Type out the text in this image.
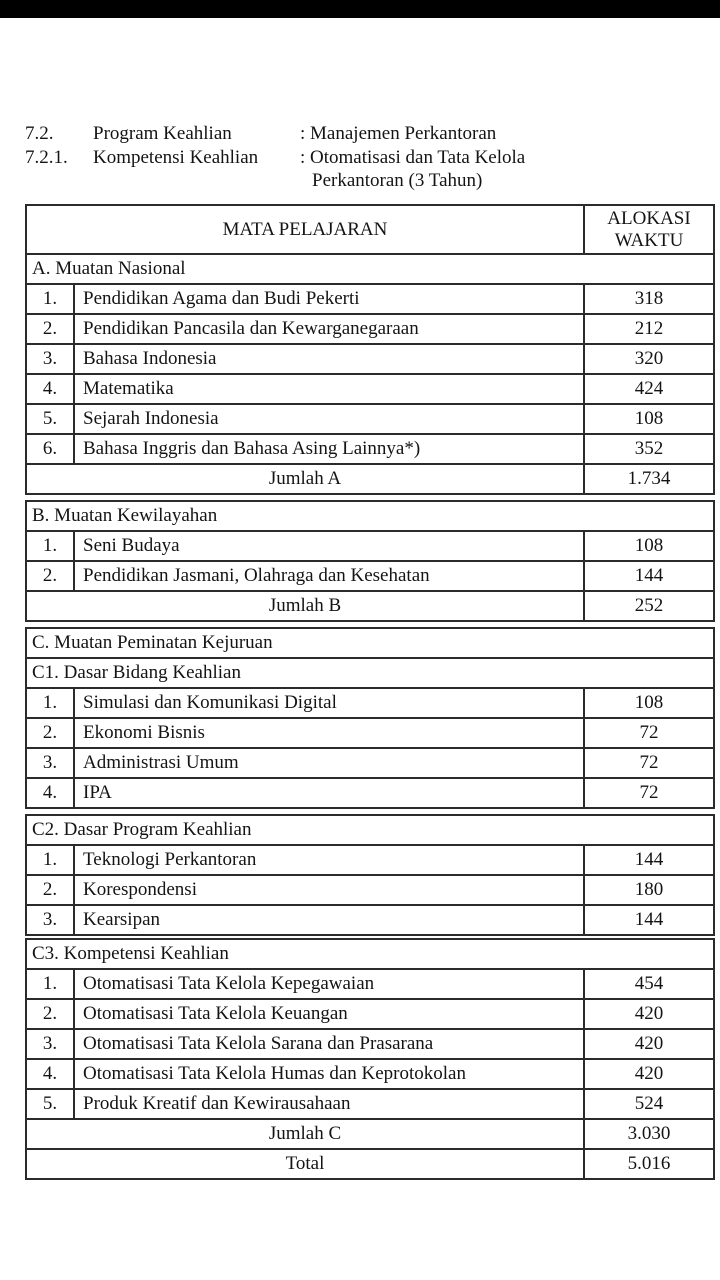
7.2.	Program Keahlian	: Manajemen Perkantoran
7.2.1.	Kompetensi Keahlian	: Otomatisasi dan Tata Kelola
Perkantoran (3 Tahun)
MATA PELAJARAN
ALOKASI
WAKTU
A. Muatan Nasional
1.	Pendidikan Agama dan Budi Pekerti	318
2.	Pendidikan Pancasila dan Kewarganegaraan	212
3.	Bahasa Indonesia	320
4.	Matematika	424
5.	Sejarah Indonesia	108
6.	Bahasa Inggris dan Bahasa Asing Lainnya*)	352
Jumlah A	1.734
B. Muatan Kewilayahan
1.	Seni Budaya	108
2.	Pendidikan Jasmani, Olahraga dan Kesehatan	144
Jumlah B	252
C. Muatan Peminatan Kejuruan
C1. Dasar Bidang Keahlian
1.	Simulasi dan Komunikasi Digital	108
2.	Ekonomi Bisnis	72
3.	Administrasi Umum	72
4.	IPA	72
C2. Dasar Program Keahlian
1.	Teknologi Perkantoran	144
2.	Korespondensi	180
3.	Kearsipan	144
C3. Kompetensi Keahlian
1.	Otomatisasi Tata Kelola Kepegawaian	454
2.	Otomatisasi Tata Kelola Keuangan	420
3.	Otomatisasi Tata Kelola Sarana dan Prasarana	420
4.	Otomatisasi Tata Kelola Humas dan Keprotokolan	420
5.	Produk Kreatif dan Kewirausahaan	524
Jumlah C	3.030
Total	5.016
